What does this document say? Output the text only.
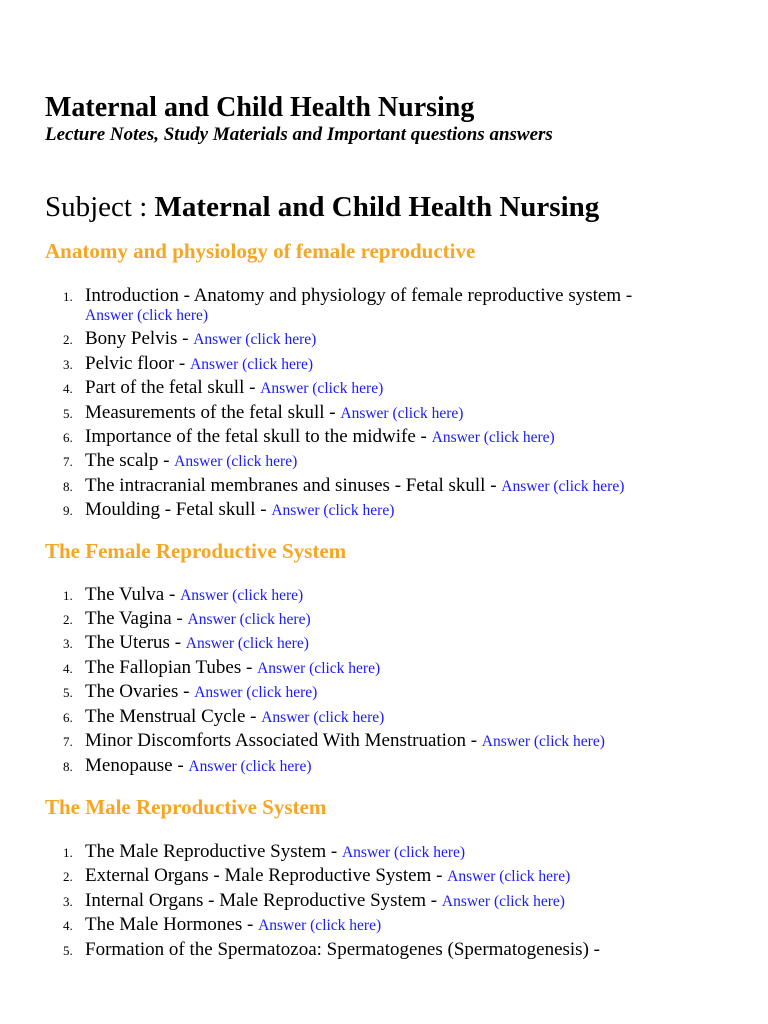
Maternal and Child Health Nursing
Lecture Notes, Study Materials and Important questions answers
Subject : Maternal and Child Health Nursing
Anatomy and physiology of female reproductive
1. Introduction - Anatomy and physiology of female reproductive system -
Answer (click here)
2. Bony Pelvis - Answer (click here)
3. Pelvic floor - Answer (click here)
4. Part of the fetal skull - Answer (click here)
5. Measurements of the fetal skull - Answer (click here)
6. Importance of the fetal skull to the midwife - Answer (click here)
7. The scalp - Answer (click here)
8. The intracranial membranes and sinuses - Fetal skull - Answer (click here)
9. Moulding - Fetal skull - Answer (click here)
The Female Reproductive System
1. The Vulva - Answer (click here)
2. The Vagina - Answer (click here)
3. The Uterus - Answer (click here)
4. The Fallopian Tubes - Answer (click here)
5. The Ovaries - Answer (click here)
6. The Menstrual Cycle - Answer (click here)
7. Minor Discomforts Associated With Menstruation - Answer (click here)
8. Menopause - Answer (click here)
The Male Reproductive System
1. The Male Reproductive System - Answer (click here)
2. External Organs - Male Reproductive System - Answer (click here)
3. Internal Organs - Male Reproductive System - Answer (click here)
4. The Male Hormones - Answer (click here)
5. Formation of the Spermatozoa: Spermatogenes (Spermatogenesis) -
